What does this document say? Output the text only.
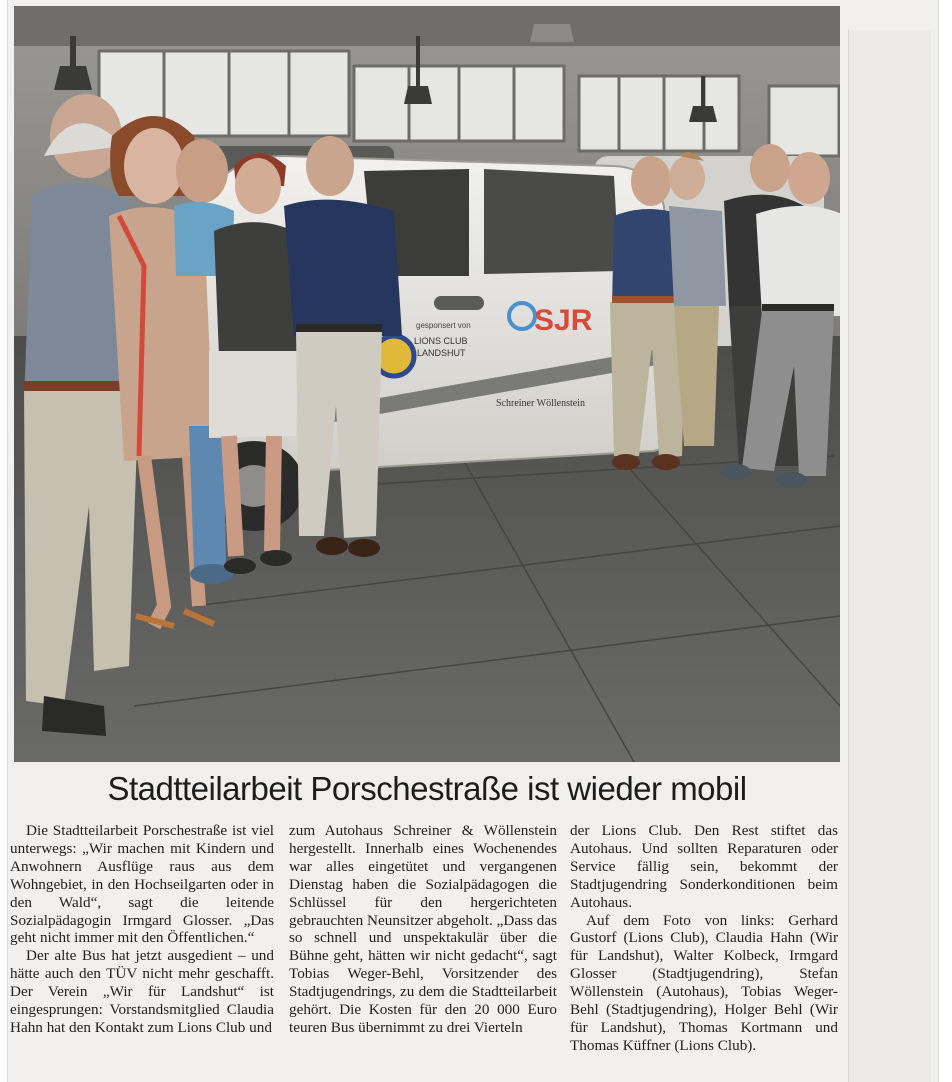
gesponsert von
LIONS CLUB
LANDSHUT
SJR
Schreiner Wöllenstein
Stadtteilarbeit Porschestraße ist wieder mobil

Die Stadtteilarbeit Porschestraße ist viel unterwegs: „Wir machen mit Kindern und Anwohnern Ausflüge raus aus dem Wohngebiet, in den Hochseilgarten oder in den Wald“, sagt die leitende Sozialpädagogin Irmgard Glosser. „Das geht nicht immer mit den Öffentlichen.“

Der alte Bus hat jetzt ausgedient – und hätte auch den TÜV nicht mehr geschafft. Der Verein „Wir für Landshut“ ist eingesprungen: Vorstandsmitglied Claudia Hahn hat den Kontakt zum Lions Club und

zum Autohaus Schreiner & Wöllenstein hergestellt. Innerhalb eines Wochenendes war alles eingetütet und vergangenen Dienstag haben die Sozialpädagogen die Schlüssel für den hergerichteten gebrauchten Neunsitzer abgeholt. „Dass das so schnell und unspektakulär über die Bühne geht, hätten wir nicht gedacht“, sagt Tobias Weger-Behl, Vorsitzender des Stadtjugendrings, zu dem die Stadtteilarbeit gehört. Die Kosten für den 20 000 Euro teuren Bus übernimmt zu drei Vierteln

der Lions Club. Den Rest stiftet das Autohaus. Und sollten Reparaturen oder Service fällig sein, bekommt der Stadtjugendring Sonderkonditionen beim Autohaus.

Auf dem Foto von links: Gerhard Gustorf (Lions Club), Claudia Hahn (Wir für Landshut), Walter Kolbeck, Irmgard Glosser (Stadtjugendring), Stefan Wöllenstein (Autohaus), Tobias Weger-Behl (Stadtjugendring), Holger Behl (Wir für Landshut), Thomas Kortmann und Thomas Küffner (Lions Club).
